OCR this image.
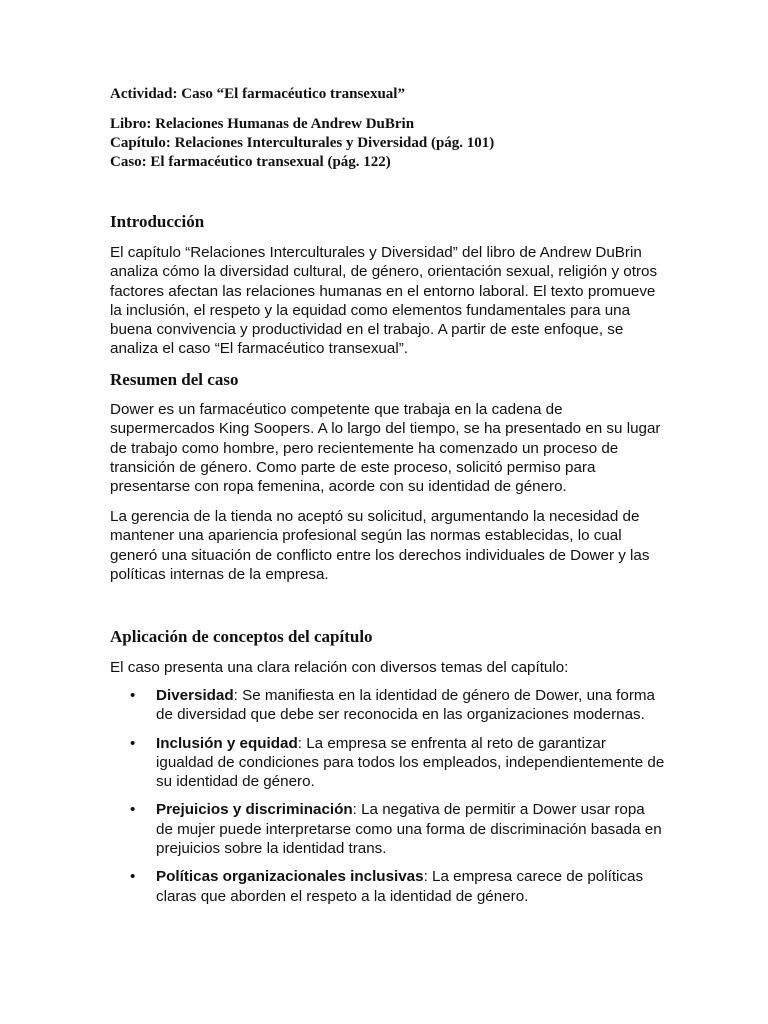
Actividad: Caso “El farmacéutico transexual”

Libro: Relaciones Humanas de Andrew DuBrin

Capítulo: Relaciones Interculturales y Diversidad (pág. 101)

Caso: El farmacéutico transexual (pág. 122)

Introducción

El capítulo “Relaciones Interculturales y Diversidad” del libro de Andrew DuBrin analiza cómo la diversidad cultural, de género, orientación sexual, religión y otros factores afectan las relaciones humanas en el entorno laboral. El texto promueve la inclusión, el respeto y la equidad como elementos fundamentales para una buena convivencia y productividad en el trabajo. A partir de este enfoque, se analiza el caso “El farmacéutico transexual”.

Resumen del caso

Dower es un farmacéutico competente que trabaja en la cadena de supermercados King Soopers. A lo largo del tiempo, se ha presentado en su lugar de trabajo como hombre, pero recientemente ha comenzado un proceso de transición de género. Como parte de este proceso, solicitó permiso para presentarse con ropa femenina, acorde con su identidad de género.

La gerencia de la tienda no aceptó su solicitud, argumentando la necesidad de mantener una apariencia profesional según las normas establecidas, lo cual generó una situación de conflicto entre los derechos individuales de Dower y las políticas internas de la empresa.

Aplicación de conceptos del capítulo

El caso presenta una clara relación con diversos temas del capítulo:

• Diversidad: Se manifiesta en la identidad de género de Dower, una forma de diversidad que debe ser reconocida en las organizaciones modernas.
• Inclusión y equidad: La empresa se enfrenta al reto de garantizar igualdad de condiciones para todos los empleados, independientemente de su identidad de género.
• Prejuicios y discriminación: La negativa de permitir a Dower usar ropa de mujer puede interpretarse como una forma de discriminación basada en prejuicios sobre la identidad trans.
• Políticas organizacionales inclusivas: La empresa carece de políticas claras que aborden el respeto a la identidad de género.
